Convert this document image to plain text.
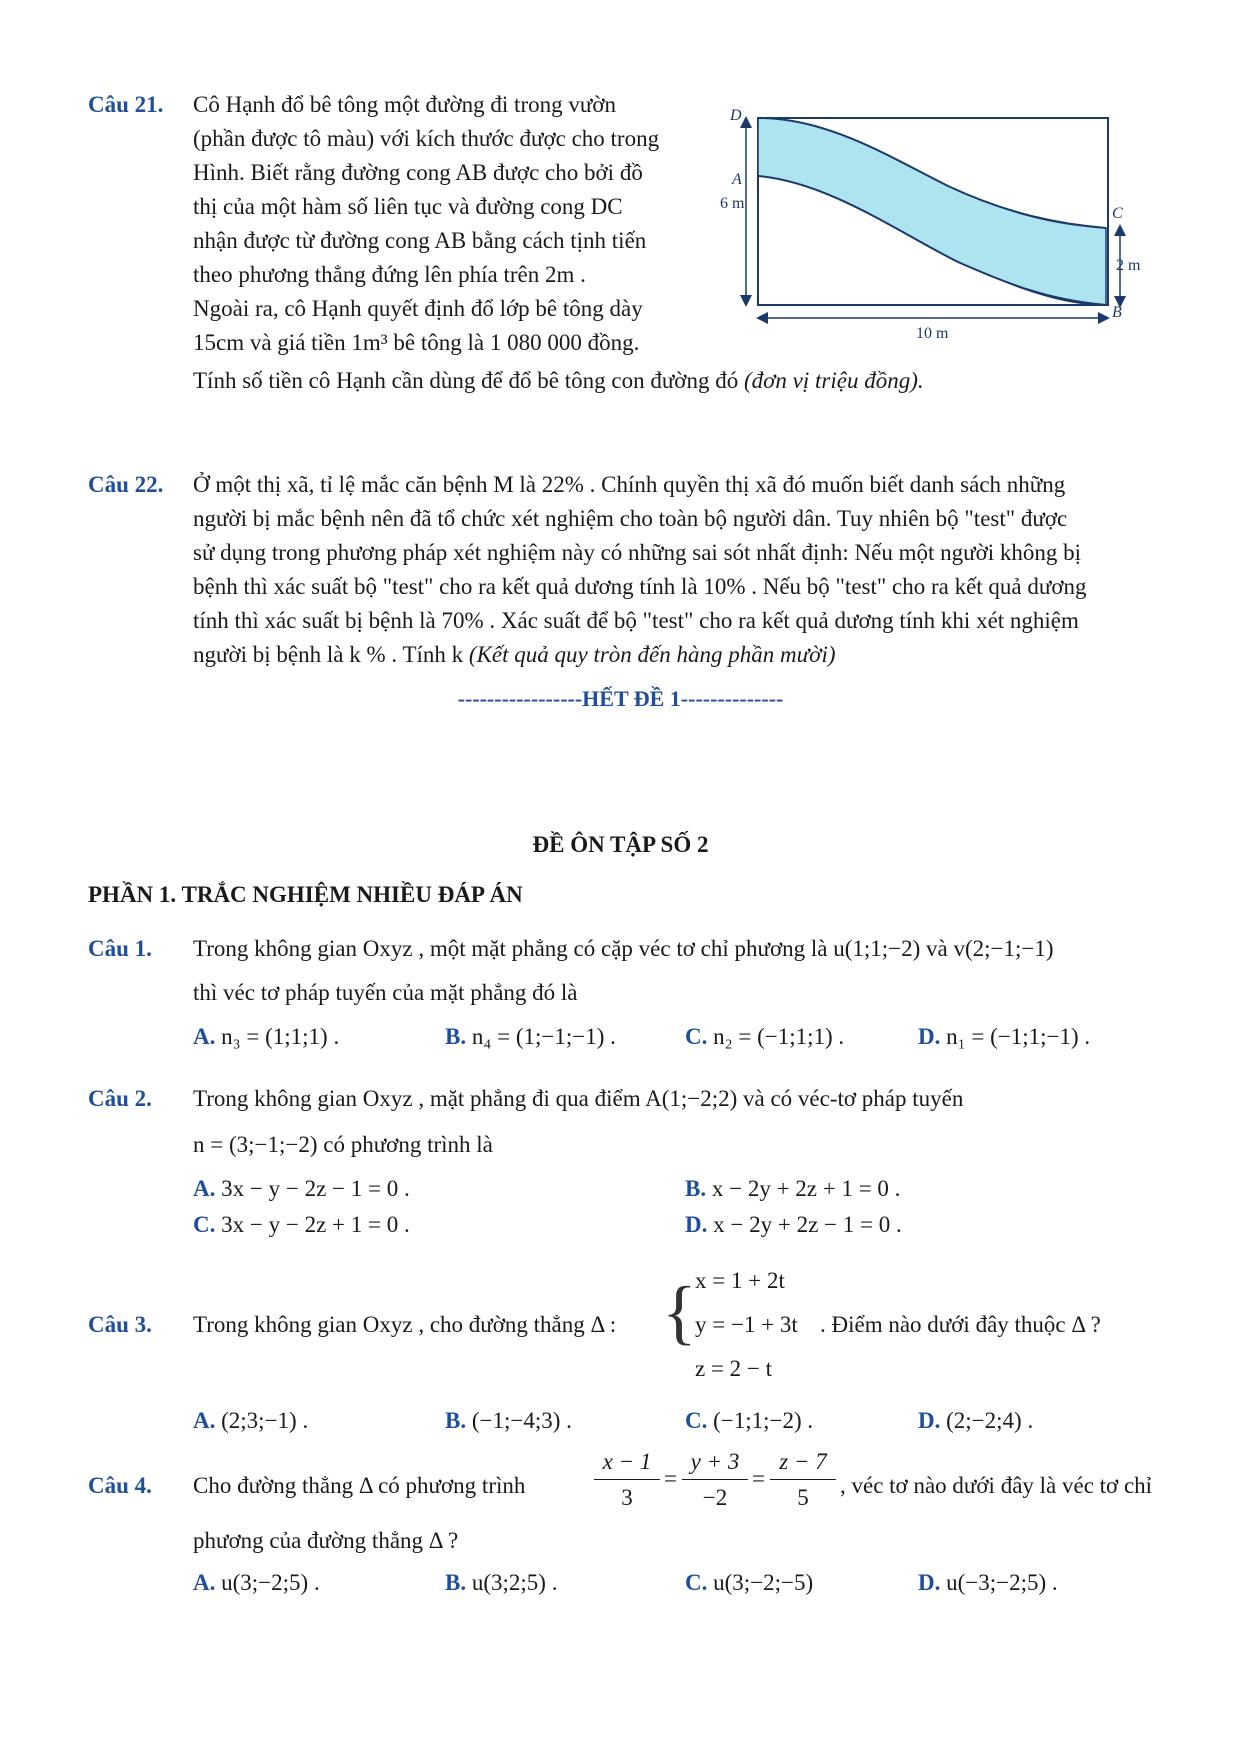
Câu 21. Cô Hạnh đổ bê tông một đường đi trong vườn
(phần được tô màu) với kích thước được cho trong
Hình. Biết rằng đường cong AB được cho bởi đồ
thị của một hàm số liên tục và đường cong DC
nhận được từ đường cong AB bằng cách tịnh tiến
theo phương thẳng đứng lên phía trên 2m .
Ngoài ra, cô Hạnh quyết định đổ lớp bê tông dày
15cm và giá tiền 1m³ bê tông là 1 080 000 đồng.
Tính số tiền cô Hạnh cần dùng để đổ bê tông con đường đó (đơn vị triệu đồng).
D
A
6 m
C
2 m
B
10 m
Câu 22. Ở một thị xã, tỉ lệ mắc căn bệnh M là 22% . Chính quyền thị xã đó muốn biết danh sách những
người bị mắc bệnh nên đã tổ chức xét nghiệm cho toàn bộ người dân. Tuy nhiên bộ "test" được
sử dụng trong phương pháp xét nghiệm này có những sai sót nhất định: Nếu một người không bị
bệnh thì xác suất bộ "test" cho ra kết quả dương tính là 10% . Nếu bộ "test" cho ra kết quả dương
tính thì xác suất bị bệnh là 70% . Xác suất để bộ "test" cho ra kết quả dương tính khi xét nghiệm
người bị bệnh là k % . Tính k (Kết quả quy tròn đến hàng phần mười)
-----------------HẾT ĐỀ 1--------------
ĐỀ ÔN TẬP SỐ 2
PHẦN 1. TRẮC NGHIỆM NHIỀU ĐÁP ÁN
Câu 1. Trong không gian Oxyz , một mặt phẳng có cặp véc tơ chỉ phương là u(1;1;−2) và v(2;−1;−1)
thì véc tơ pháp tuyến của mặt phẳng đó là
A. n₃ = (1;1;1) .	B. n₄ = (1;−1;−1) .	C. n₂ = (−1;1;1) .	D. n₁ = (−1;1;−1) .
Câu 2. Trong không gian Oxyz , mặt phẳng đi qua điểm A(1;−2;2) và có véc-tơ pháp tuyến
n = (3;−1;−2) có phương trình là
A. 3x − y − 2z − 1 = 0 .	B. x − 2y + 2z + 1 = 0 .
C. 3x − y − 2z + 1 = 0 .	D. x − 2y + 2z − 1 = 0 .
Câu 3. Trong không gian Oxyz , cho đường thẳng Δ : {
x = 1 + 2t
y = −1 + 3t
z = 2 − t
. Điểm nào dưới đây thuộc Δ ?
A. (2;3;−1) .	B. (−1;−4;3) .	C. (−1;1;−2) .	D. (2;−2;4) .
Câu 4. Cho đường thẳng Δ có phương trình
x − 1
3
=
y + 3
−2
=
z − 7
5	, véc tơ nào dưới đây là véc tơ chỉ
phương của đường thẳng Δ ?
A. u(3;−2;5) .	B. u(3;2;5) .	C. u(3;−2;−5)	D. u(−3;−2;5) .
